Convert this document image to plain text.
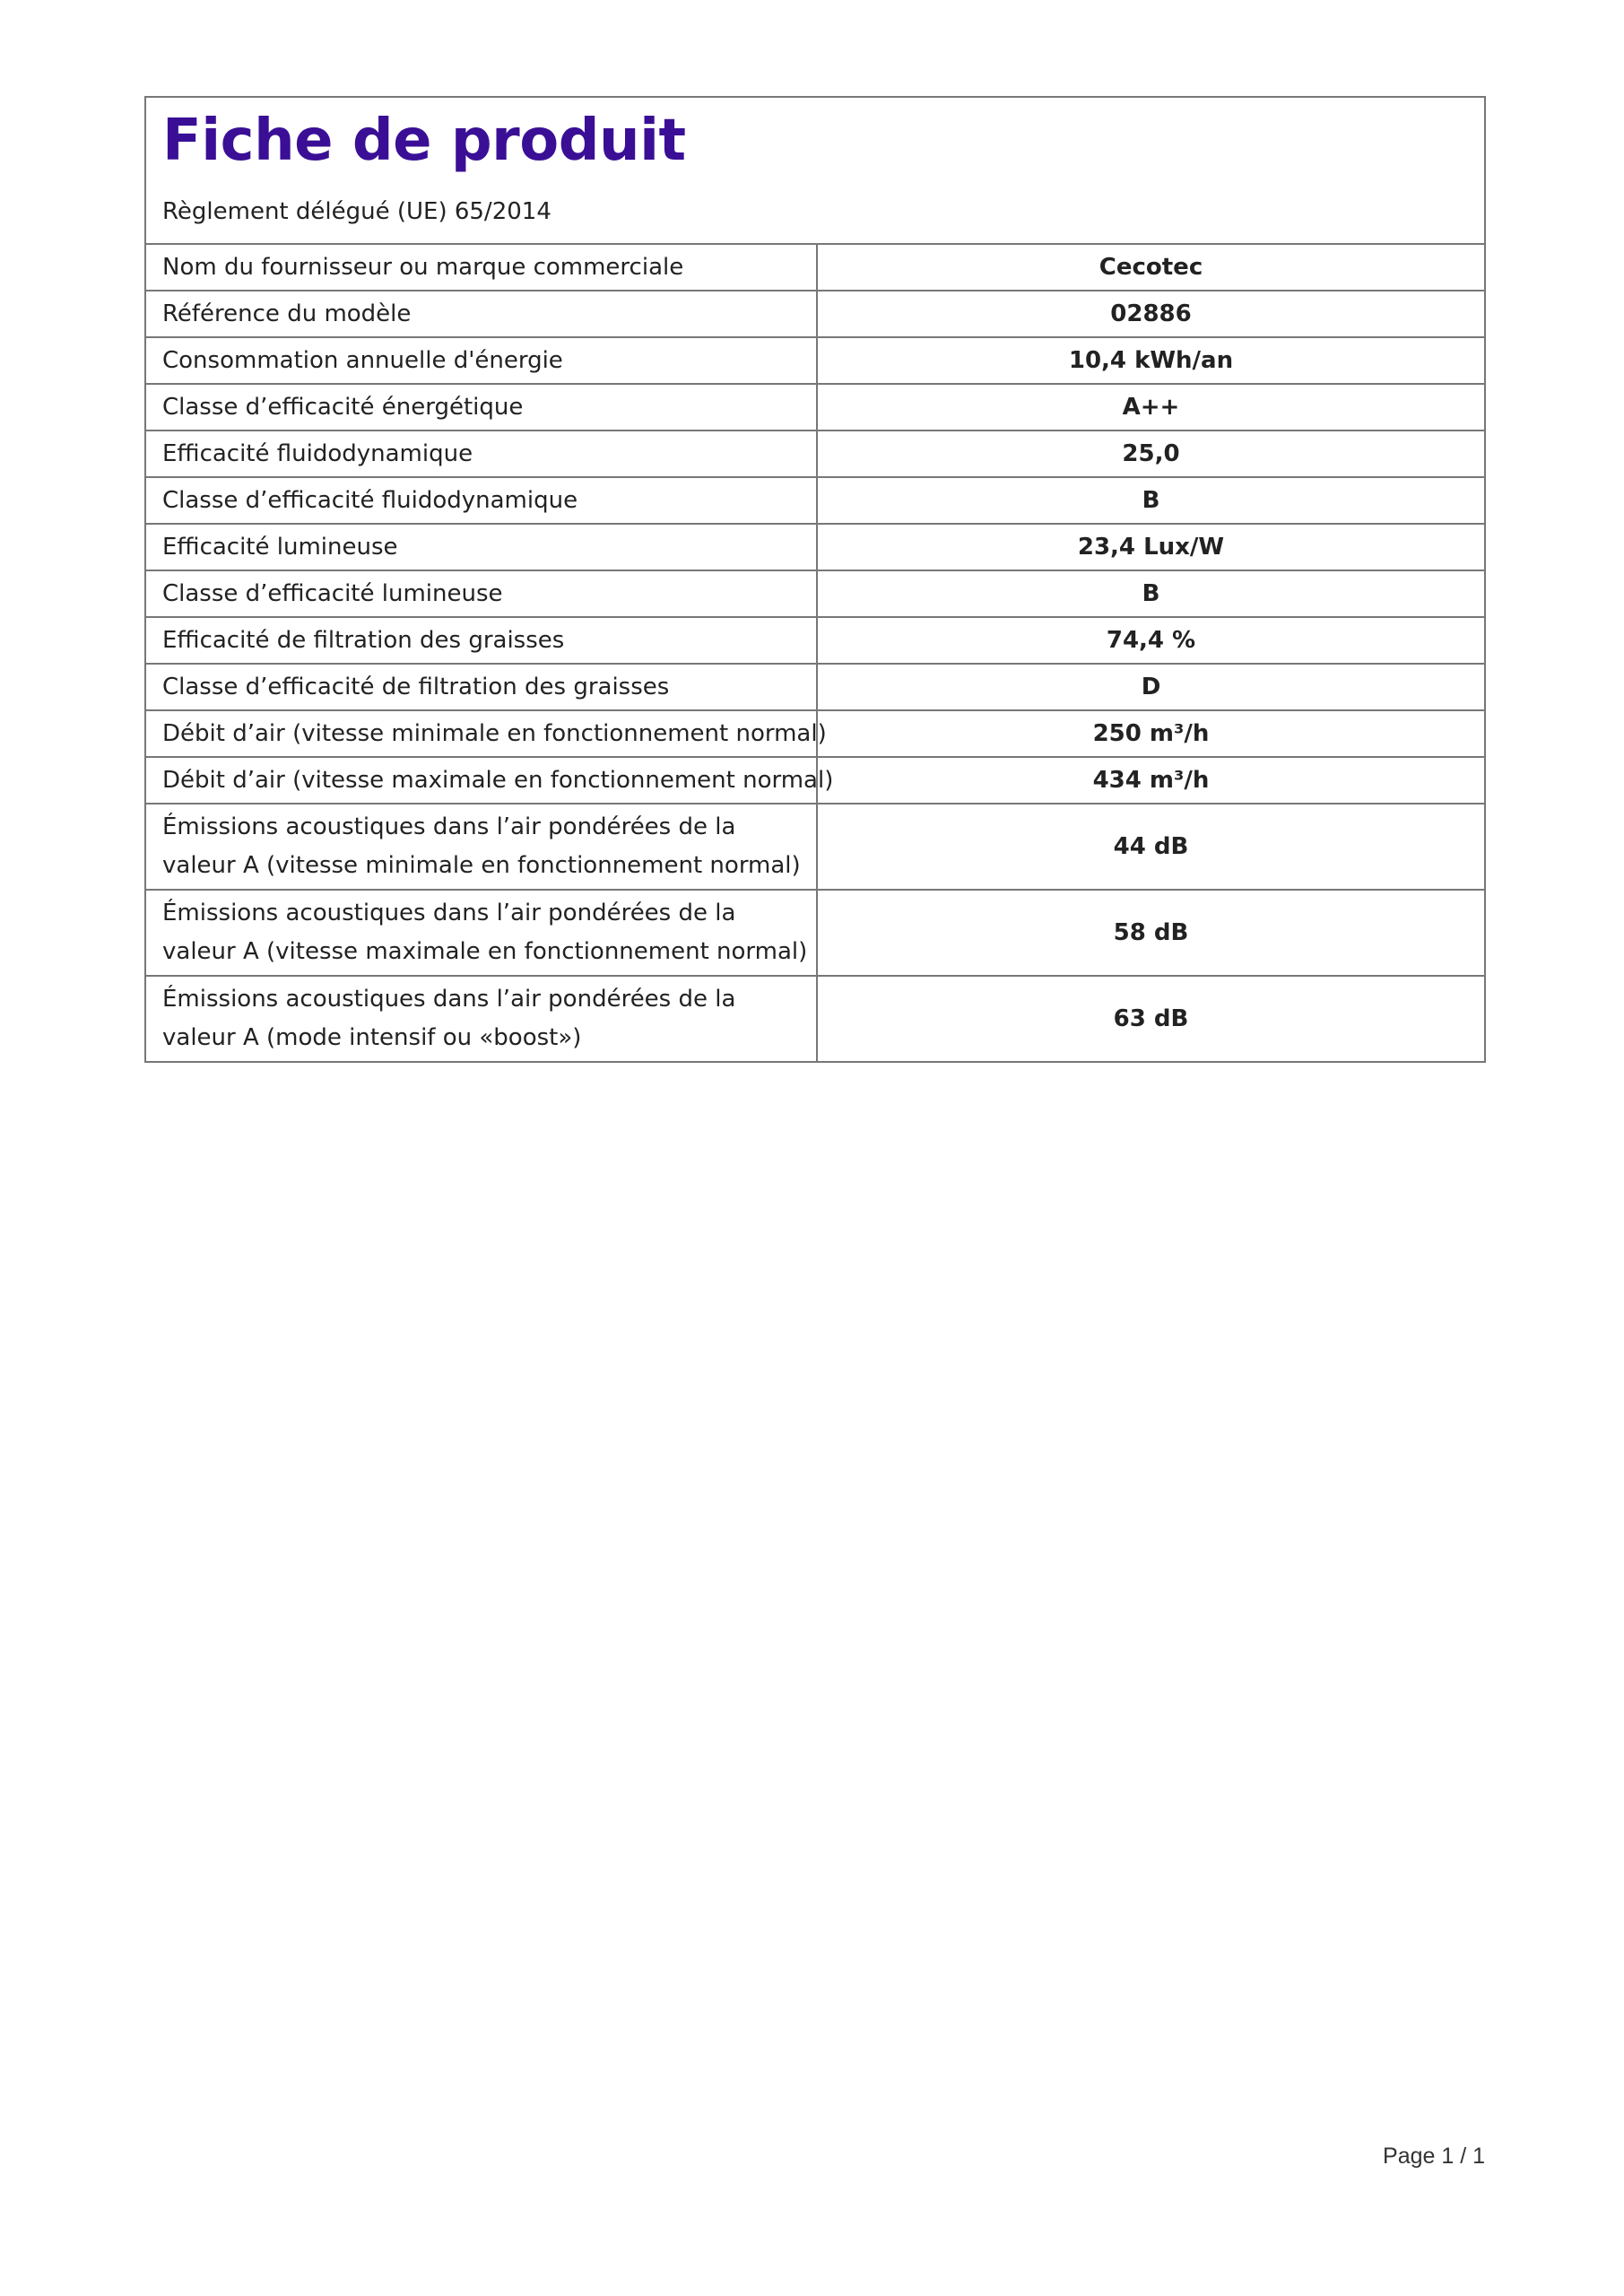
Fiche de produit
Règlement délégué (UE) 65/2014
Nom du fournisseur ou marque commerciale	Cecotec
Référence du modèle	02886
Consommation annuelle d'énergie	10,4 kWh/an
Classe d’efficacité énergétique	A++
Efficacité fluidodynamique	25,0
Classe d’efficacité fluidodynamique	B
Efficacité lumineuse	23,4 Lux/W
Classe d’efficacité lumineuse	B
Efficacité de filtration des graisses	74,4 %
Classe d’efficacité de filtration des graisses	D
Débit d’air (vitesse minimale en fonctionnement normal)	250 m³/h
Débit d’air (vitesse maximale en fonctionnement normal)	434 m³/h
Émissions acoustiques dans l’air pondérées de la valeur A (vitesse minimale en fonctionnement normal)	44 dB
Émissions acoustiques dans l’air pondérées de la valeur A (vitesse maximale en fonctionnement normal)	58 dB
Émissions acoustiques dans l’air pondérées de la valeur A (mode intensif ou «boost»)	63 dB
Page 1 / 1
